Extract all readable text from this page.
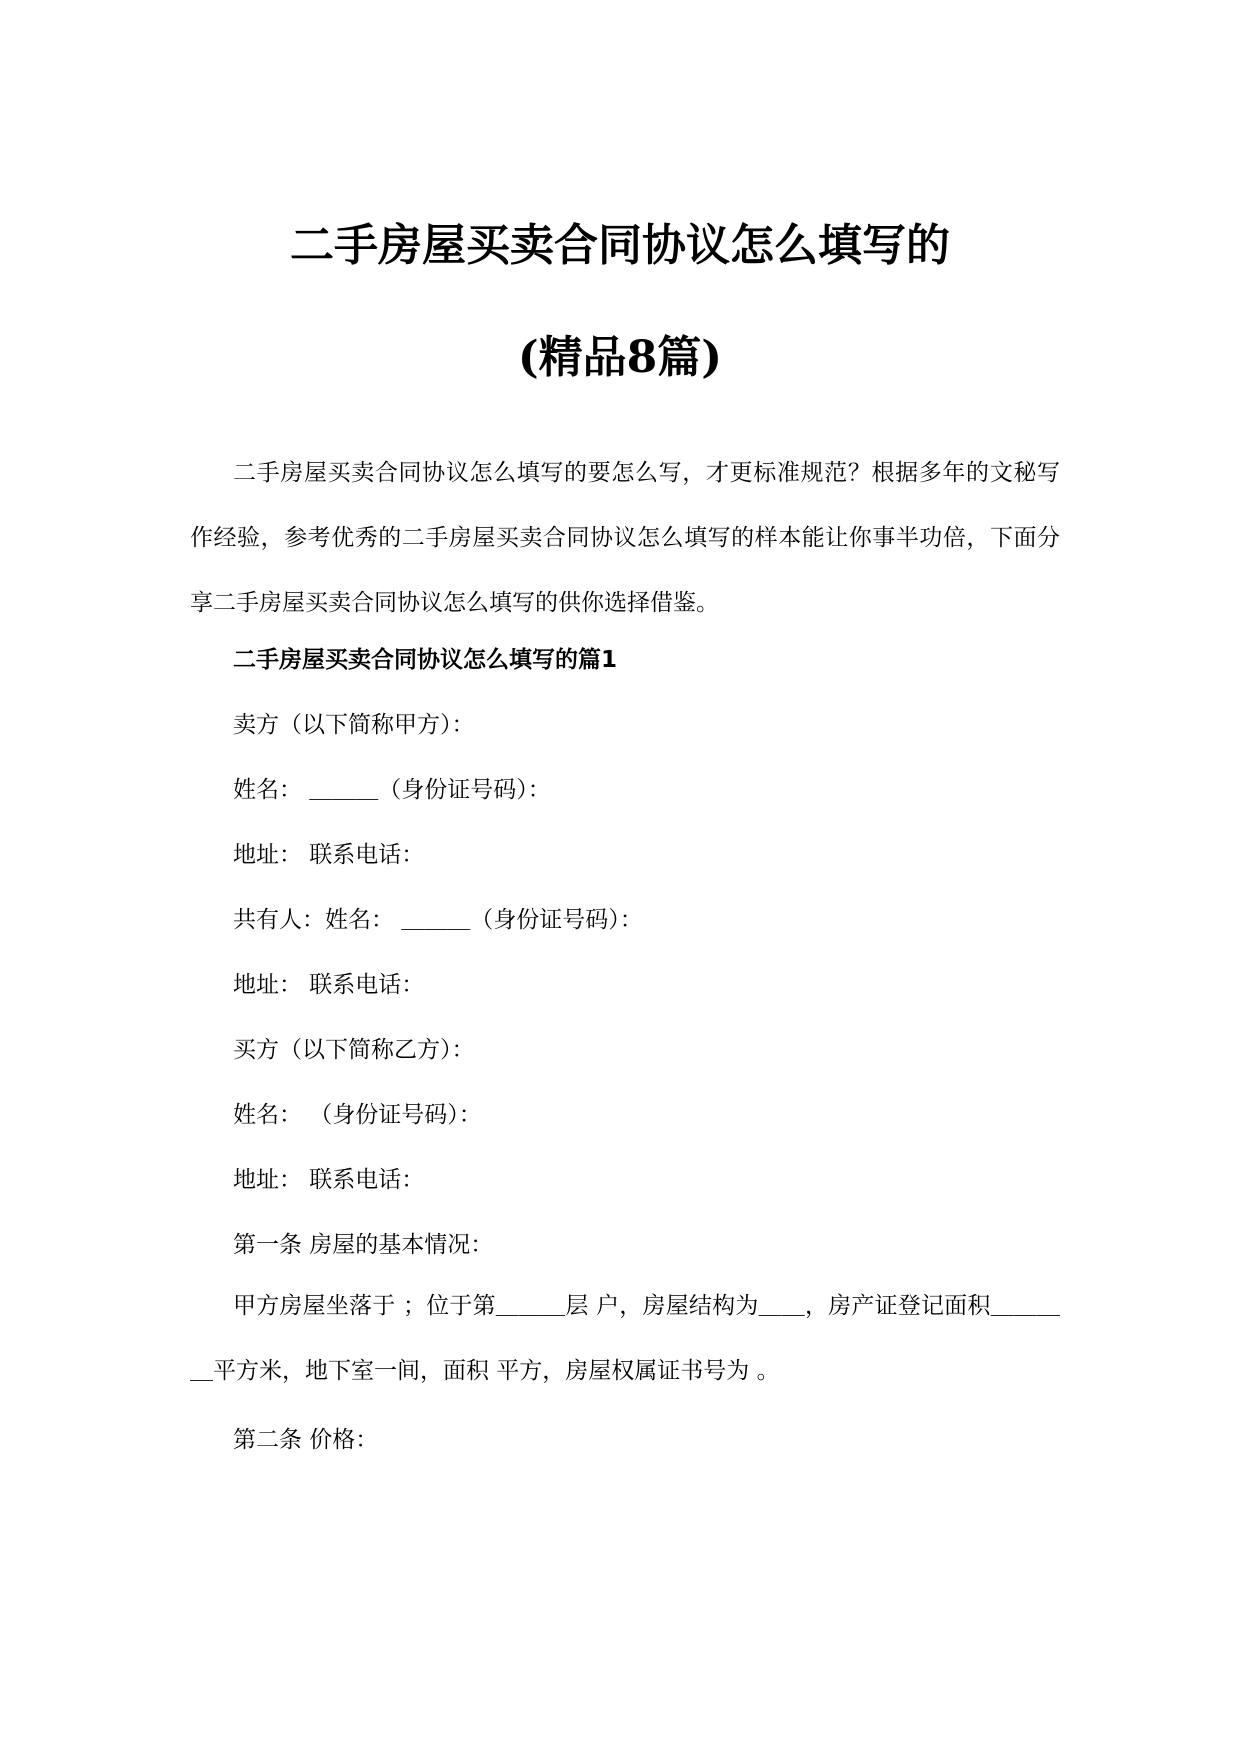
二手房屋买卖合同协议怎么填写的
(精品8篇)

二手房屋买卖合同协议怎么填写的要怎么写，才更标准规范？根据多年的文秘写作经验，参考优秀的二手房屋买卖合同协议怎么填写的样本能让你事半功倍，下面分享二手房屋买卖合同协议怎么填写的供你选择借鉴。

二手房屋买卖合同协议怎么填写的篇1

卖方（以下简称甲方）：

姓名： ＿＿＿（身份证号码）：

地址： 联系电话：

共有人：姓名： ＿＿＿（身份证号码）：

地址： 联系电话：

买方（以下简称乙方）：

姓名： （身份证号码）：

地址： 联系电话：

第一条 房屋的基本情况：

甲方房屋坐落于 ；位于第＿＿＿层 户，房屋结构为＿＿，房产证登记面积＿＿＿＿平方米，地下室一间，面积 平方，房屋权属证书号为 。

第二条 价格：
